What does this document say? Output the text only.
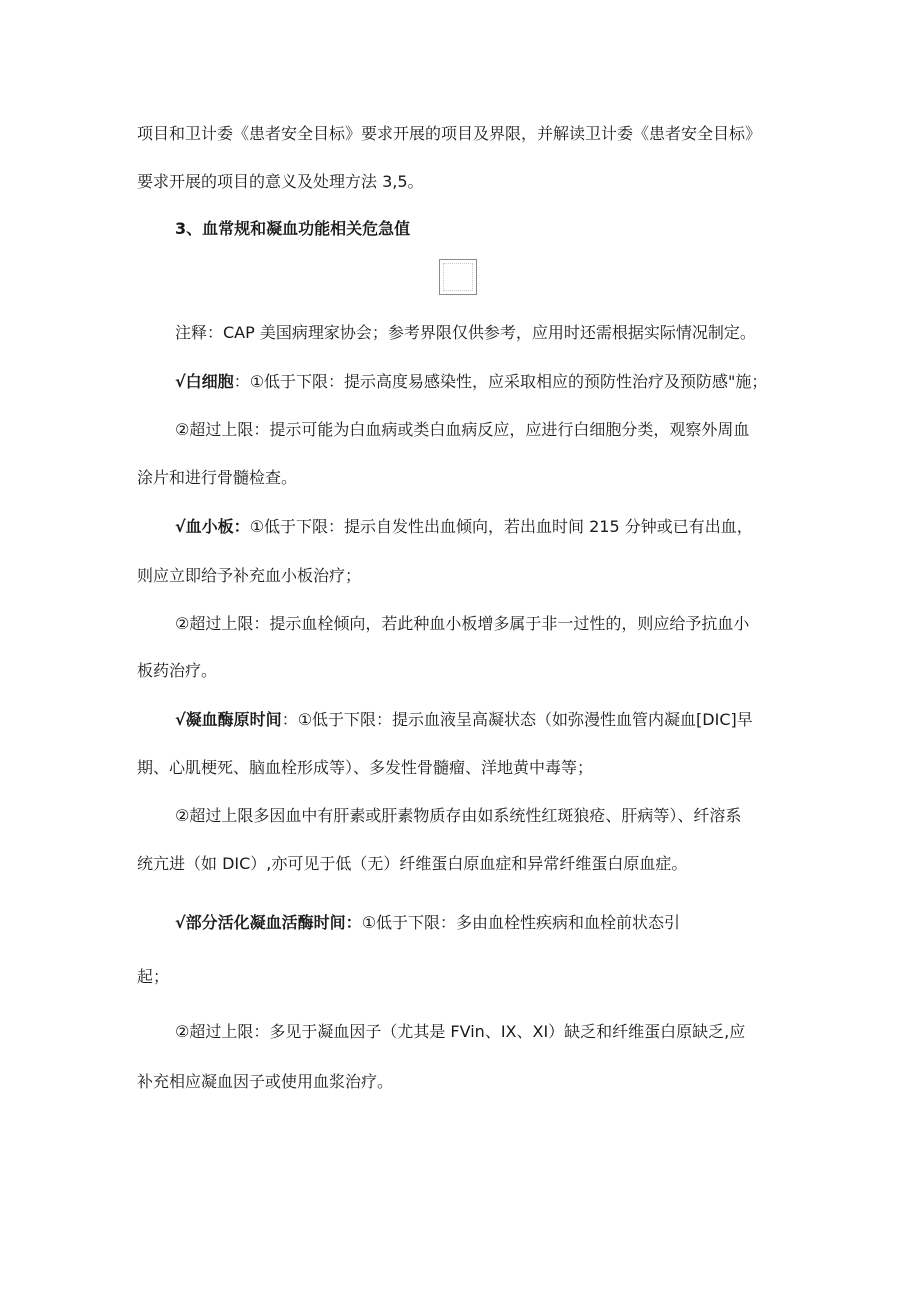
项目和卫计委《患者安全目标》要求开展的项目及界限，并解读卫计委《患者安全目标》
要求开展的项目的意义及处理方法 3,5。
3、血常规和凝血功能相关危急值
注释：CAP 美国病理家协会；参考界限仅供参考，应用时还需根据实际情况制定。
√白细胞：①低于下限：提示高度易感染性，应采取相应的预防性治疗及预防感"施；
②超过上限：提示可能为白血病或类白血病反应，应进行白细胞分类，观察外周血
涂片和进行骨髓检查。
√血小板：①低于下限：提示自发性出血倾向，若出血时间 215 分钟或已有出血，
则应立即给予补充血小板治疗；
②超过上限：提示血栓倾向，若此种血小板增多属于非一过性的，则应给予抗血小
板药治疗。
√凝血酶原时间：①低于下限：提示血液呈高凝状态（如弥漫性血管内凝血[DIC]早
期、心肌梗死、脑血栓形成等）、多发性骨髓瘤、洋地黄中毒等；
②超过上限多因血中有肝素或肝素物质存由如系统性红斑狼疮、肝病等）、纤溶系
统亢进（如 DIC）,亦可见于低（无）纤维蛋白原血症和异常纤维蛋白原血症。
√部分活化凝血活酶时间：①低于下限：多由血栓性疾病和血栓前状态引
起；
②超过上限：多见于凝血因子（尤其是 FVin、IX、XI）缺乏和纤维蛋白原缺乏,应
补充相应凝血因子或使用血浆治疗。
